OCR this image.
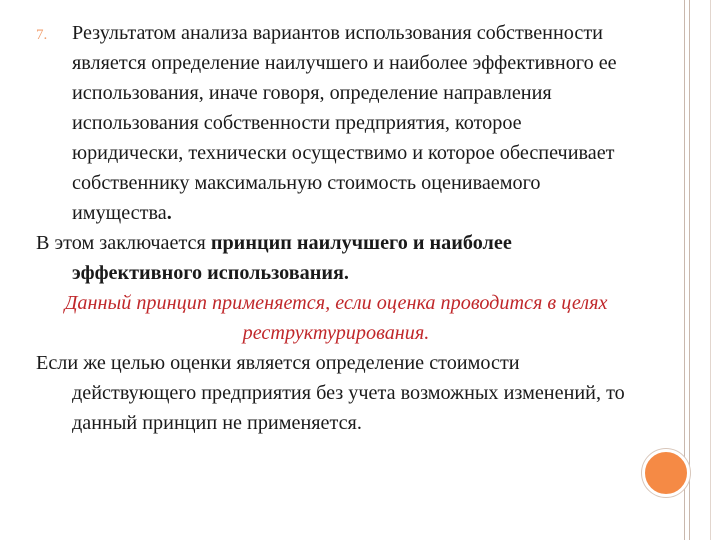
7. Результатом анализа вариантов использования собственности является определение наилучшего и наиболее эффективного ее использования, иначе говоря, определение направления использования собственности предприятия, которое юридически, технически осуществимо и которое обеспечивает собственнику максимальную стоимость оцениваемого имущества.

В этом заключается принцип наилучшего и наиболее эффективного использования.

Данный принцип применяется, если оценка проводится в целях реструктурирования.

Если же целью оценки является определение стоимости действующего предприятия без учета возможных изменений, то данный принцип не применяется.
